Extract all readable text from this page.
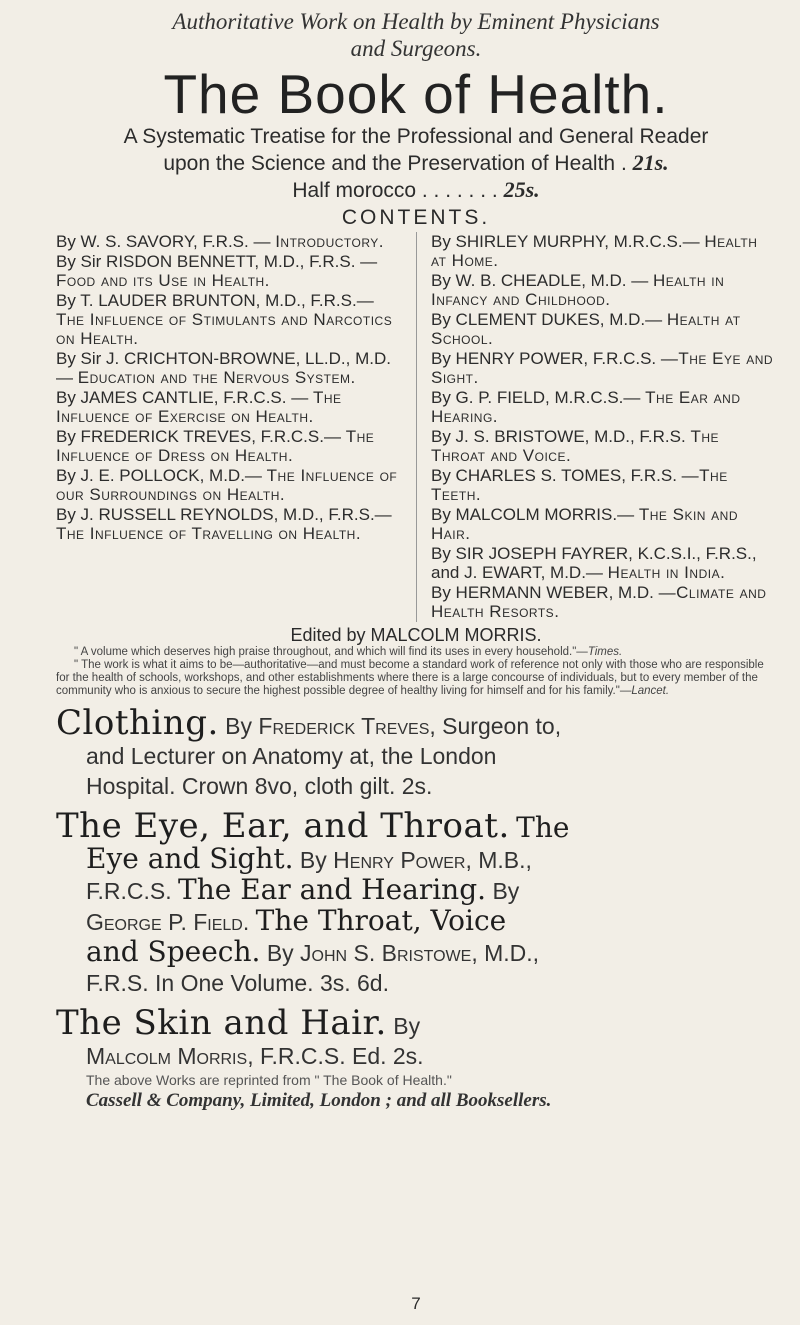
Authoritative Work on Health by Eminent Physicians
and Surgeons.
The Book of Health.
A Systematic Treatise for the Professional and General Reader
upon the Science and the Preservation of Health . 21s.
Half morocco . . . . . . . 25s.
CONTENTS.
By W. S. SAVORY, F.R.S. — Introductory.
By Sir RISDON BENNETT, M.D., F.R.S. — Food and its Use in Health.
By T. LAUDER BRUNTON, M.D., F.R.S.— The Influence of Stimulants and Narcotics on Health.
By Sir J. CRICHTON-BROWNE, LL.D., M.D.— Education and the Nervous System.
By JAMES CANTLIE, F.R.C.S. — The Influence of Exercise on Health.
By FREDERICK TREVES, F.R.C.S.— The Influence of Dress on Health.
By J. E. POLLOCK, M.D.— The Influence of our Surroundings on Health.
By J. RUSSELL REYNOLDS, M.D., F.R.S.— The Influence of Travelling on Health.
By SHIRLEY MURPHY, M.R.C.S.— Health at Home.
By W. B. CHEADLE, M.D. — Health in Infancy and Childhood.
By CLEMENT DUKES, M.D.— Health at School.
By HENRY POWER, F.R.C.S. —The Eye and Sight.
By G. P. FIELD, M.R.C.S.— The Ear and Hearing.
By J. S. BRISTOWE, M.D., F.R.S. The Throat and Voice.
By CHARLES S. TOMES, F.R.S. —The Teeth.
By MALCOLM MORRIS.— The Skin and Hair.
By SIR JOSEPH FAYRER, K.C.S.I., F.R.S., and J. EWART, M.D.— Health in India.
By HERMANN WEBER, M.D. —Climate and Health Resorts.
Edited by MALCOLM MORRIS.
" A volume which deserves high praise throughout, and which will find its uses in every household."—Times.
" The work is what it aims to be—authoritative—and must become a standard work of reference not only with those who are responsible for the health of schools, workshops, and other establishments where there is a large concourse of individuals, but to every member of the community who is anxious to secure the highest possible degree of healthy living for himself and for his family."—Lancet.
Clothing. By Frederick Treves, Surgeon to,
and Lecturer on Anatomy at, the London
Hospital. Crown 8vo, cloth gilt. 2s.
The Eye, Ear, and Throat. The
Eye and Sight. By Henry Power, M.B.,
F.R.C.S. The Ear and Hearing. By
George P. Field. The Throat, Voice
and Speech. By John S. Bristowe, M.D.,
F.R.S. In One Volume. 3s. 6d.
The Skin and Hair. By
Malcolm Morris, F.R.C.S. Ed. 2s.
The above Works are reprinted from " The Book of Health."
Cassell & Company, Limited, London ; and all Booksellers.
7
